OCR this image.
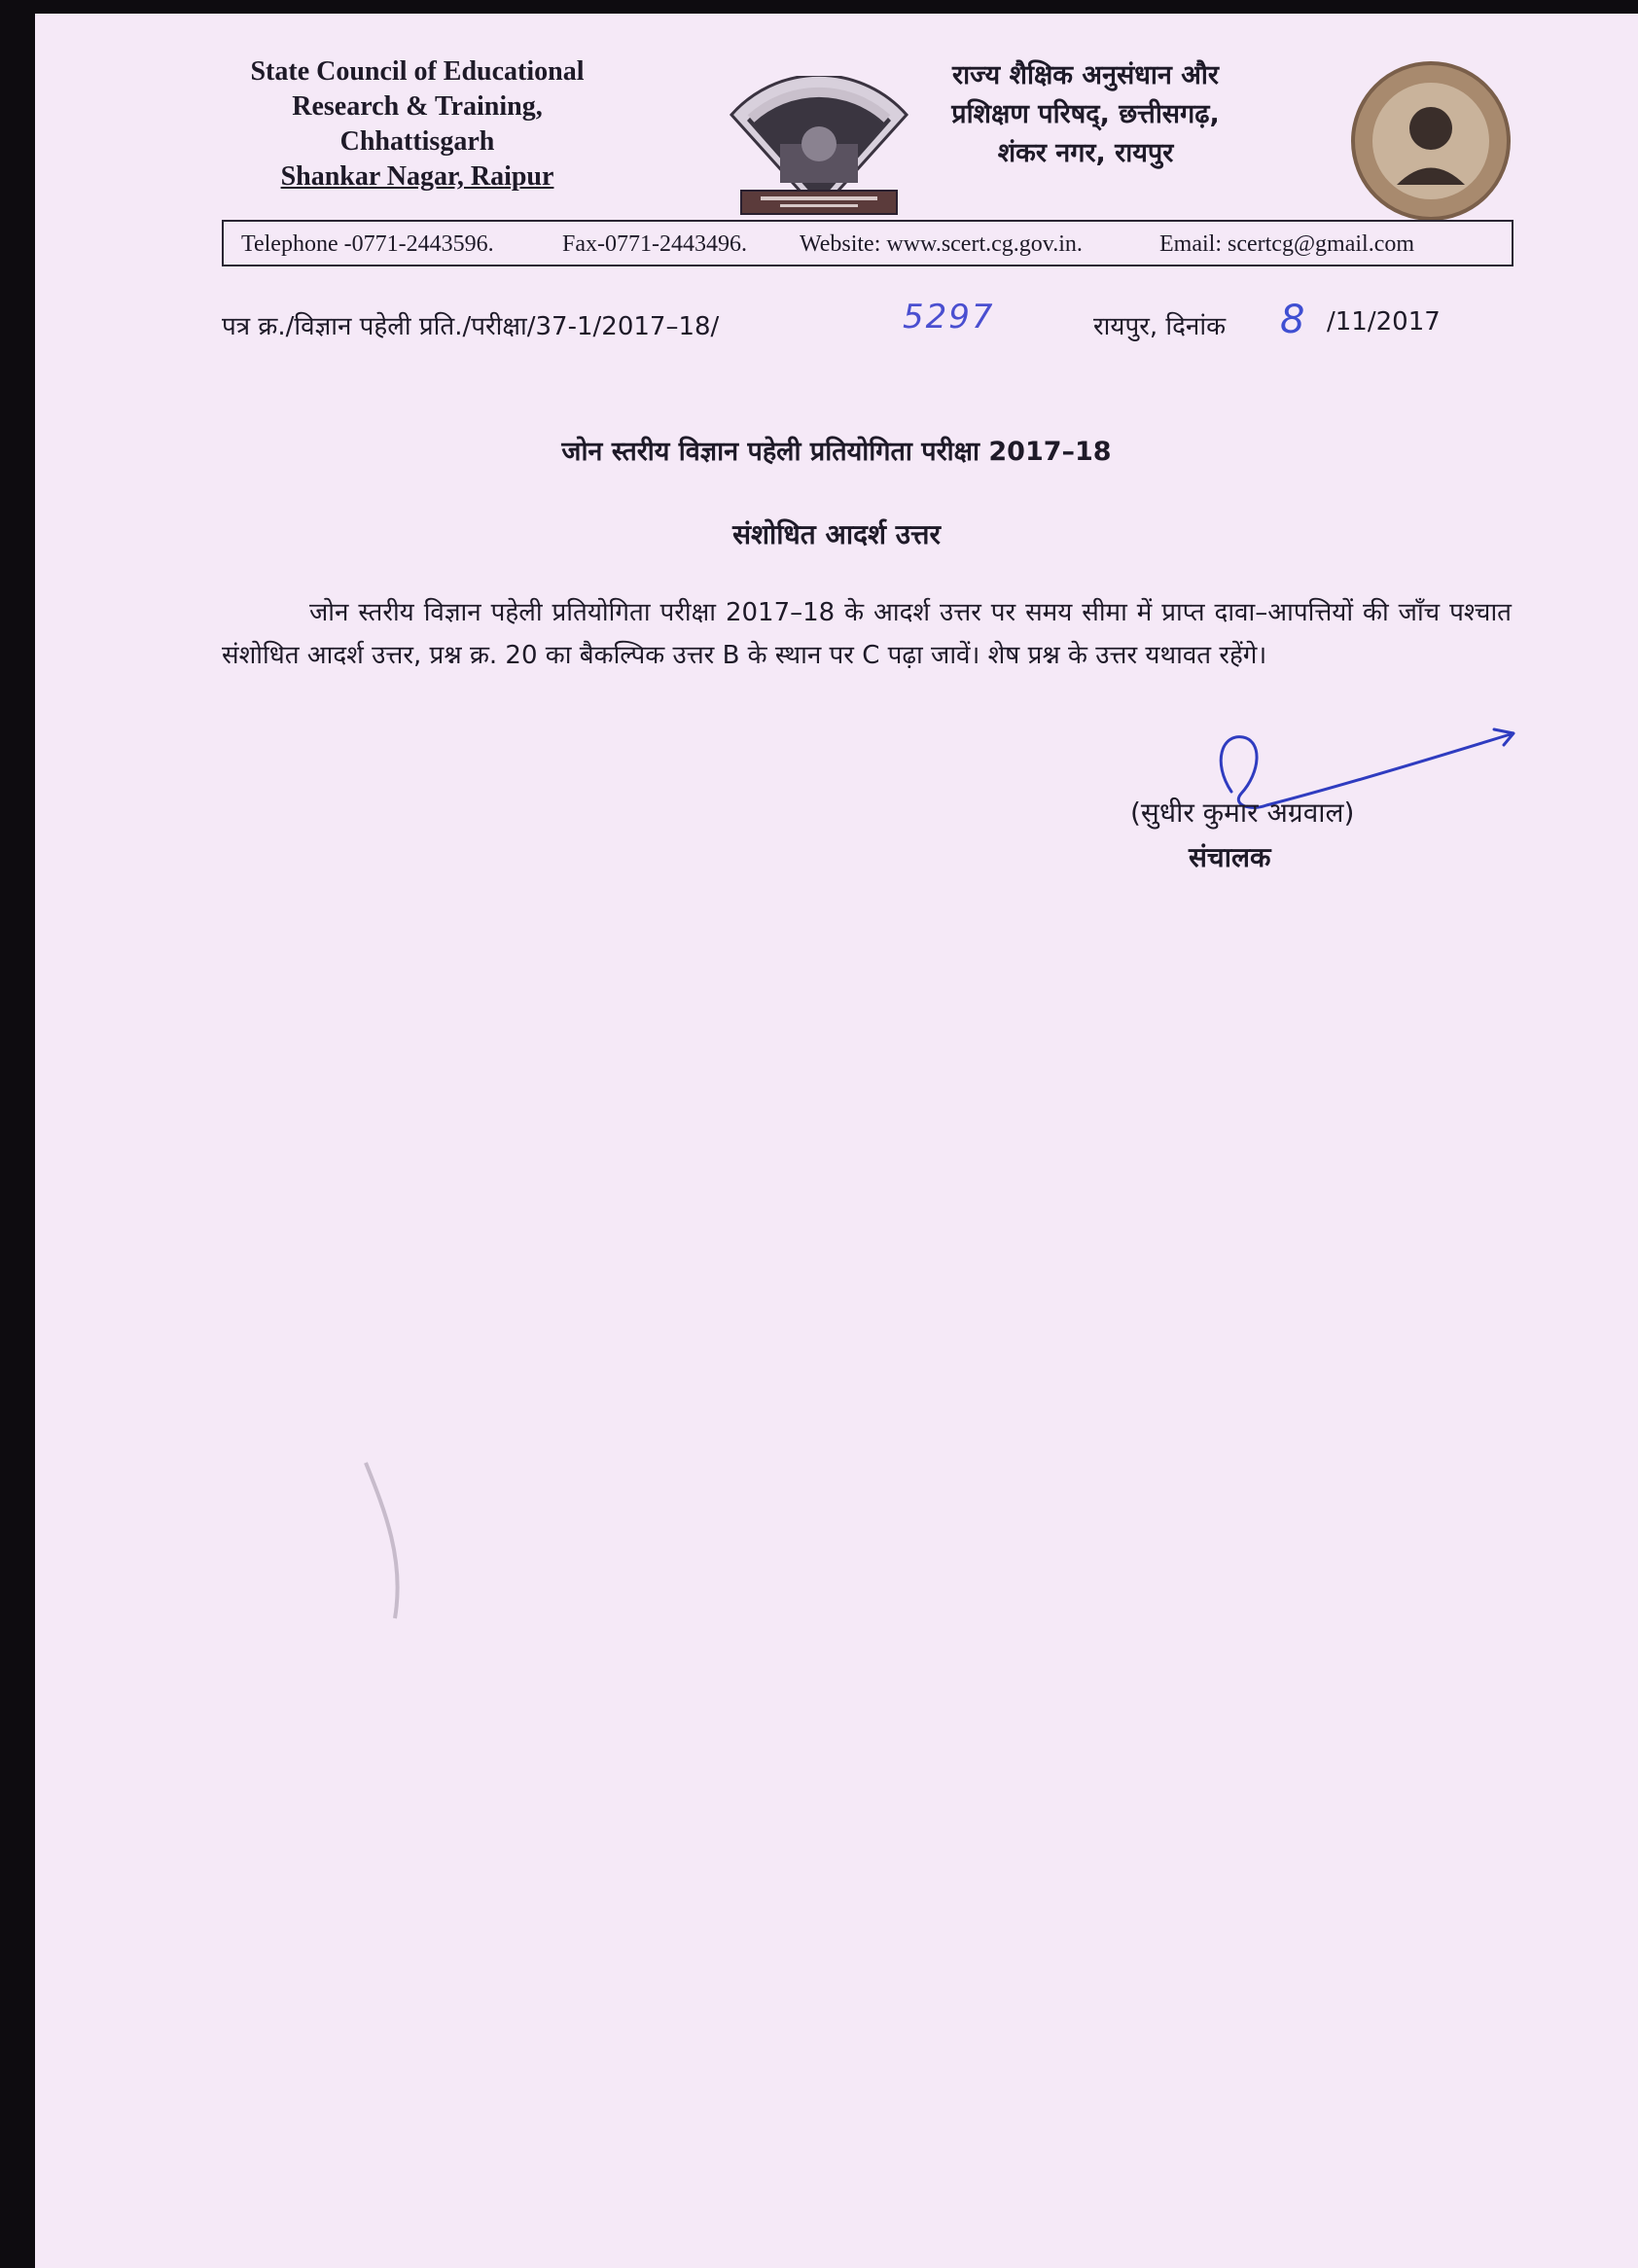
State Council of Educational
Research & Training,
Chhattisgarh
Shankar Nagar, Raipur
राज्य शैक्षिक अनुसंधान और
प्रशिक्षण परिषद्, छत्तीसगढ़,
शंकर नगर, रायपुर
Telephone -0771-2443596.	Fax-0771-2443496. Website: www.scert.cg.gov.in.	Email: scertcg@gmail.com
पत्र क्र./विज्ञान पहेली प्रति./परीक्षा/37-1/2017–18/	5297	रायपुर, दिनांक 8 /11/2017
जोन स्तरीय विज्ञान पहेली प्रतियोगिता परीक्षा 2017–18
संशोधित आदर्श उत्तर
जोन स्तरीय विज्ञान पहेली प्रतियोगिता परीक्षा 2017–18 के आदर्श उत्तर पर समय सीमा में प्राप्त दावा–आपत्तियों की जाँच पश्चात संशोधित आदर्श उत्तर, प्रश्न क्र. 20 का बैकल्पिक उत्तर B के स्थान पर C पढ़ा जावें। शेष प्रश्न के उत्तर यथावत रहेंगे।
(सुधीर कुमार अग्रवाल)
संचालक
